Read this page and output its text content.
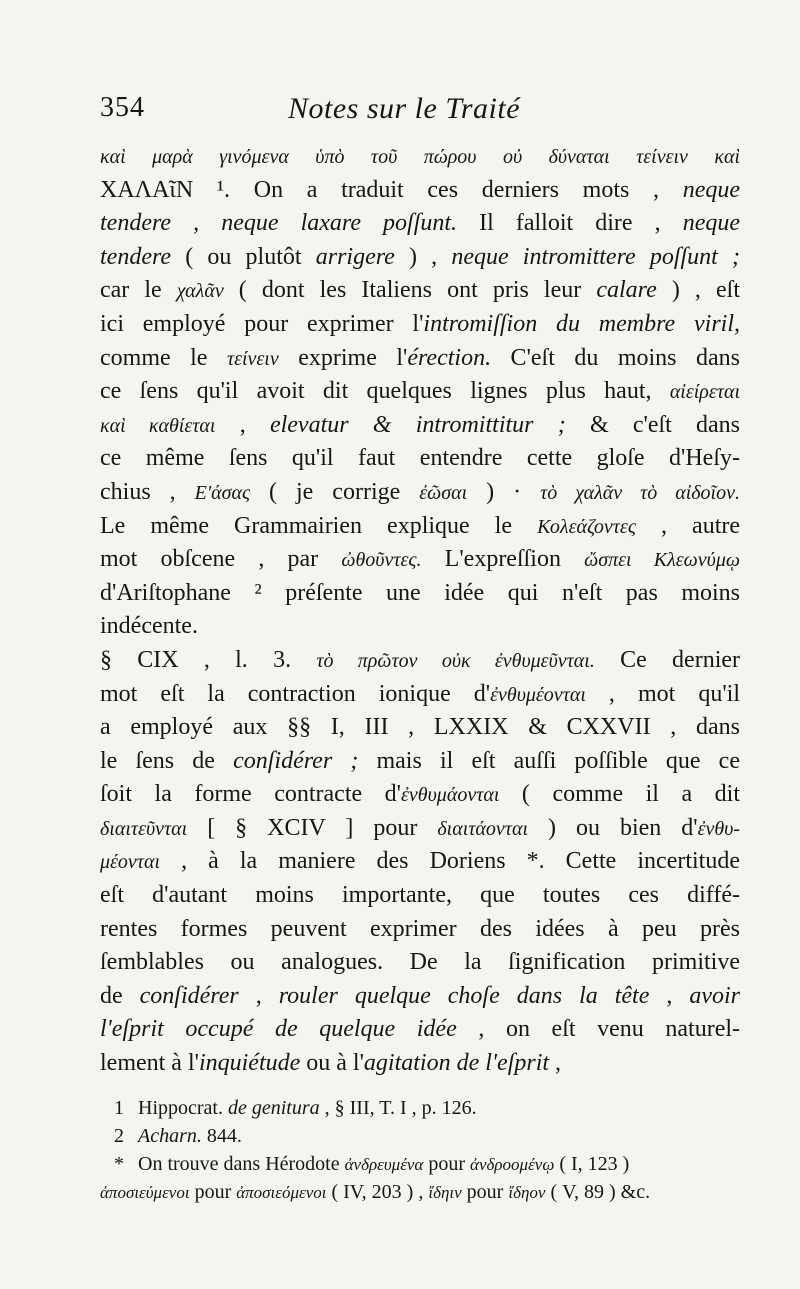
354	Notes sur le Traité
καὶ μαρὰ γινόμενα ὑπὸ τοῦ πώρου οὐ δύναται τείνειν καὶ
ΧΑΛΑῖΝ ¹. On a traduit ces derniers mots , neque
tendere , neque laxare poſſunt. Il falloit dire , neque
tendere ( ou plutôt arrigere ) , neque intromittere poſſunt ;
car le χαλᾶν ( dont les Italiens ont pris leur calare ) , eſt
ici employé pour exprimer l'intromiſſion du membre viril,
comme le τείνειν exprime l'érection. C'eſt du moins dans
ce ſens qu'il avoit dit quelques lignes plus haut, αἰείρεται
καὶ καθίεται , elevatur & intromittitur ; & c'eſt dans
ce même ſens qu'il faut entendre cette gloſe d'Heſy-
chius , Ε'άσας ( je corrige ἐῶσαι ) · τὸ χαλᾶν τὸ αἰδοῖον.
Le même Grammairien explique le Κολεάζοντες , autre
mot obſcene , par ὠθοῦντες. L'expreſſion ὤσπει Κλεωνύμῳ
d'Ariſtophane ² préſente une idée qui n'eſt pas moins
indécente.
§ CIX , l. 3. τὸ πρῶτον οὐκ ἐνθυμεῦνται. Ce dernier
mot eſt la contraction ionique d'ἐνθυμέονται , mot qu'il
a employé aux §§ I, III , LXXIX & CXXVII , dans
le ſens de conſidérer ; mais il eſt auſſi poſſible que ce
ſoit la forme contracte d'ἐνθυμάονται ( comme il a dit
διαιτεῦνται [ § XCIV ] pour διαιτάονται ) ou bien d'ἐνθυ-
μέονται , à la maniere des Doriens *. Cette incertitude
eſt d'autant moins importante, que toutes ces diffé-
rentes formes peuvent exprimer des idées à peu près
ſemblables ou analogues. De la ſignification primitive
de conſidérer , rouler quelque choſe dans la tête , avoir
l'eſprit occupé de quelque idée , on eſt venu naturel-
lement à l'inquiétude ou à l'agitation de l'eſprit ,
1 Hippocrat. de genitura , § III, T. I , p. 126.
2 Acharn. 844.
* On trouve dans Hérodote ἀνδρευμένα pour ἀνδροομένῳ ( I, 123 )
ἀποσιεύμενοι pour ἀποσιεόμενοι ( IV, 203 ) , ἴδηιν pour ἴδηον ( V, 89 ) &c.
